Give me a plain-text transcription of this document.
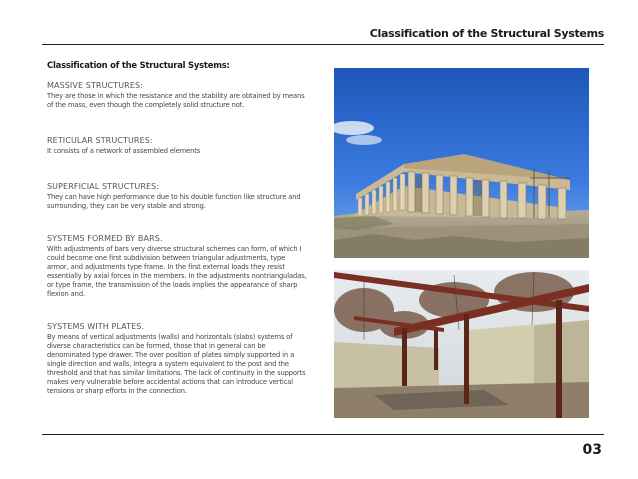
Classification of the Structural Systems

Classification of the Structural Systems:

MASSIVE STRUCTURES:

They are those in which the resistance and the stability are obtained by means of the mass, even though the completely solid structure not.

RETICULAR STRUCTURES:

It consists of a network of assembled elements

SUPERFICIAL STRUCTURES:

They can have high performance due to his double function like structure and surrounding, they can be very stable and strong.

SYSTEMS FORMED BY BARS.

With adjustments of bars very diverse structural schemes can form, of which I could become one first subdivision between triangular adjustments, type armor, and adjustments type frame. In the first external loads they resist essentially by axial forces in the members. In the adjustments nontrianguladas, or type frame, the transmission of the loads implies the appearance of sharp flexion and.

SYSTEMS WITH PLATES.

By means of vertical adjustments (walls) and horizontals (slabs) systems of diverse characteristics can be formed, those that in general can be denominated type drawer. The over position of plates simply supported in a single direction and walls, Integra a system equivalent to the post and the threshold and that has similar limitations. The lack of continuity in the supports makes very vulnerable before accidental actions that can introduce vertical tensions or sharp efforts in the connection.

03
